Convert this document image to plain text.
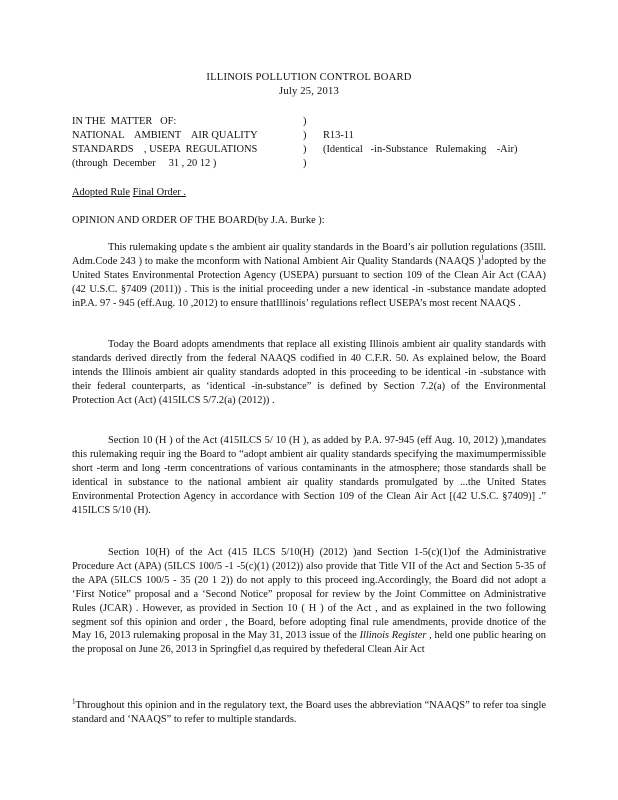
ILLINOIS POLLUTION CONTROL BOARD
July 25, 2013
IN THE  MATTER   OF:
NATIONAL    AMBIENT    AIR QUALITY
STANDARDS    , USEPA  REGULATIONS
(through  December     31 , 20 12 )
)
)
)
)
R13-11
(Identical   -in-Substance   Rulemaking    -Air)
Adopted Rule Final Order .
OPINION AND ORDER OF THE BOARD(by J.A. Burke ):
This rulemaking update s the ambient air quality standards in the Board’s air pollution regulations (35Ill. Adm.Code 243 ) to make the mconform with National Ambient Air Quality Standards (NAAQS )$^1$adopted by the United States Environmental Protection Agency (USEPA) pursuant to section 109 of the Clean Air Act (CAA) (42 U.S.C. §7409 (2011)) . This is the initial proceeding under a new identical -in -substance mandate adopted inP.A. 97 - 945 (eff.Aug. 10 ,2012) to ensure thatIllinois’ regulations reflect USEPA’s most recent NAAQS .
Today the Board adopts amendments that replace all existing Illinois ambient air quality standards with standards derived directly from the federal NAAQS codified in 40 C.F.R. 50. As explained below, the Board intends the Illinois ambient air quality standards adopted in this proceeding to be identical -in -substance with their federal counterparts, as ‘identical -in-substance” is defined by Section 7.2(a) of the Environmental Protection Act (Act) (415ILCS 5/7.2(a) (2012)) .
Section 10 (H ) of the Act (415ILCS 5/ 10 (H ), as added by P.A. 97-945 (eff Aug. 10, 2012) ),mandates this rulemaking requir ing the Board to “adopt ambient air quality standards specifying the maximumpermissible short -term and long -term concentrations of various contaminants in the atmosphere; those standards shall be identical in substance to the national ambient air quality standards promulgated by ...the United States Environmental Protection Agency in accordance with Section 109 of the Clean Air Act [(42 U.S.C. §7409)] .” 415ILCS 5/10 (H).
Section 10(H) of the Act (415 ILCS 5/10(H) (2012) )and Section 1-5(c)(1)of the Administrative Procedure Act (APA) (5ILCS 100/5 -1 -5(c)(1) (2012)) also provide that Title VII of the Act and Section 5-35 of the APA (5ILCS 100/5 - 35 (20 1 2)) do not apply to this proceed ing.Accordingly, the Board did not adopt a ‘First Notice” proposal and a ‘Second Notice” proposal for review by the Joint Committee on Administrative Rules (JCAR) . However, as provided in Section 10 ( H ) of the Act , and as explained in the two following segment sof this opinion and order , the Board, before adopting final rule amendments, provide dnotice of the May 16, 2013 rulemaking proposal in the May 31, 2013 issue of the Illinois Register , held one public hearing on the proposal on June 26, 2013 in Springfiel d,as required by thefederal Clean Air Act
$^1$Throughout this opinion and in the regulatory text, the Board uses the abbreviation “NAAQS” to refer toa single standard and ‘NAAQS” to refer to multiple standards.
